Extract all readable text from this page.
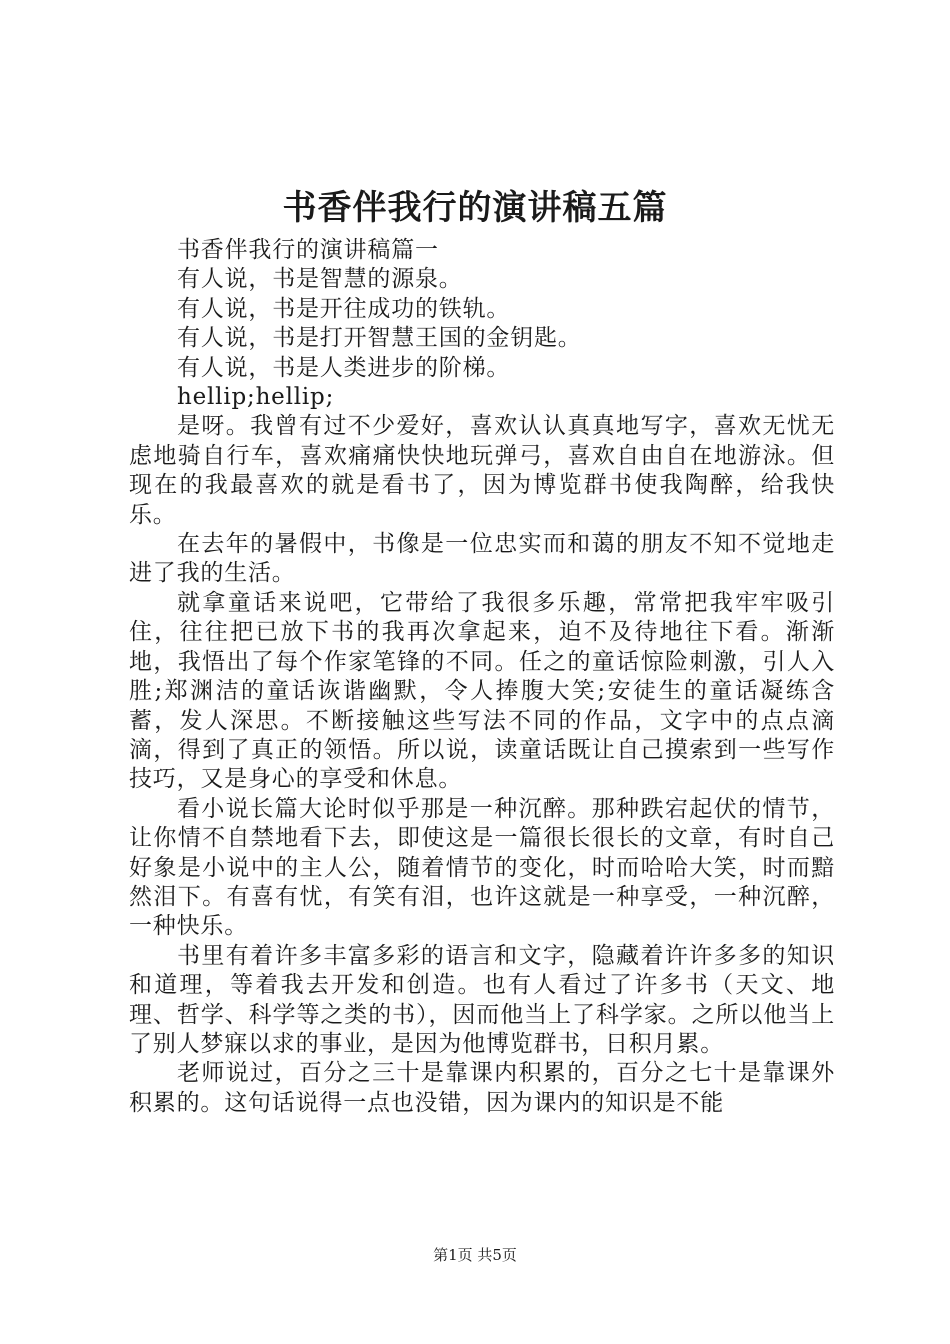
书香伴我行的演讲稿五篇

书香伴我行的演讲稿篇一

有人说，书是智慧的源泉。

有人说，书是开往成功的铁轨。

有人说，书是打开智慧王国的金钥匙。

有人说，书是人类进步的阶梯。

hellip;hellip;

是呀。我曾有过不少爱好，喜欢认认真真地写字，喜欢无忧无虑地骑自行车，喜欢痛痛快快地玩弹弓，喜欢自由自在地游泳。但现在的我最喜欢的就是看书了，因为博览群书使我陶醉，给我快乐。

在去年的暑假中，书像是一位忠实而和蔼的朋友不知不觉地走进了我的生活。

就拿童话来说吧，它带给了我很多乐趣，常常把我牢牢吸引住，往往把已放下书的我再次拿起来，迫不及待地往下看。渐渐地，我悟出了每个作家笔锋的不同。任之的童话惊险刺激，引人入胜;郑渊洁的童话诙谐幽默，令人捧腹大笑;安徒生的童话凝练含蓄，发人深思。不断接触这些写法不同的作品，文字中的点点滴滴，得到了真正的领悟。所以说，读童话既让自己摸索到一些写作技巧，又是身心的享受和休息。

看小说长篇大论时似乎那是一种沉醉。那种跌宕起伏的情节，让你情不自禁地看下去，即使这是一篇很长很长的文章，有时自己好象是小说中的主人公，随着情节的变化，时而哈哈大笑，时而黯然泪下。有喜有忧，有笑有泪，也许这就是一种享受，一种沉醉，一种快乐。

书里有着许多丰富多彩的语言和文字，隐藏着许许多多的知识和道理，等着我去开发和创造。也有人看过了许多书（天文、地理、哲学、科学等之类的书），因而他当上了科学家。之所以他当上了别人梦寐以求的事业，是因为他博览群书，日积月累。

老师说过，百分之三十是靠课内积累的，百分之七十是靠课外积累的。这句话说得一点也没错，因为课内的知识是不能

第1页 共5页
